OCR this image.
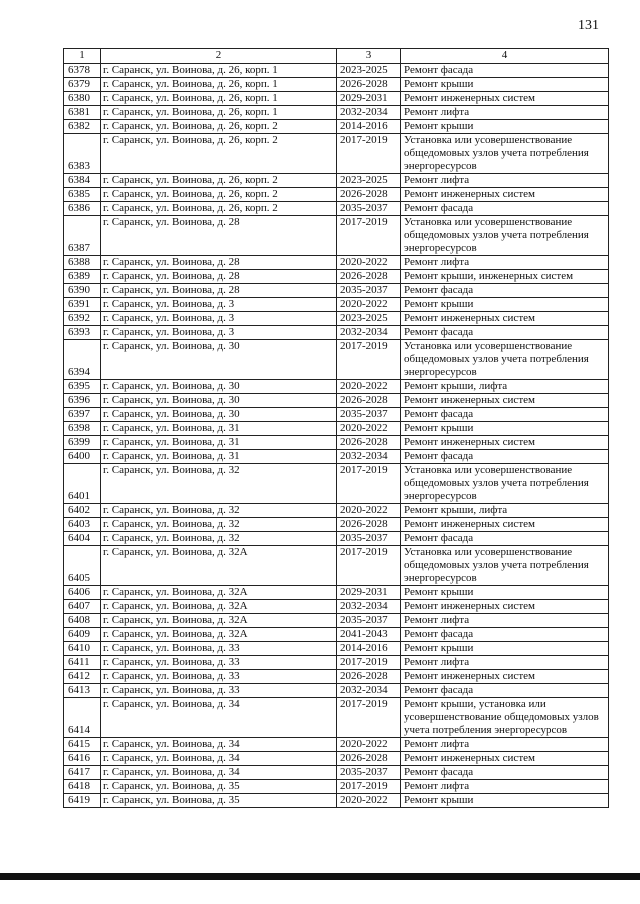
131
1	2	3	4
6378	г. Саранск, ул. Воинова, д. 26, корп. 1	2023-2025	Ремонт фасада
6379	г. Саранск, ул. Воинова, д. 26, корп. 1	2026-2028	Ремонт крыши
6380	г. Саранск, ул. Воинова, д. 26, корп. 1	2029-2031	Ремонт инженерных систем
6381	г. Саранск, ул. Воинова, д. 26, корп. 1	2032-2034	Ремонт лифта
6382	г. Саранск, ул. Воинова, д. 26, корп. 2	2014-2016	Ремонт крыши
6383	г. Саранск, ул. Воинова, д. 26, корп. 2	2017-2019	Установка или усовершенствование общедомовых узлов учета потребления энергоресурсов
6384	г. Саранск, ул. Воинова, д. 26, корп. 2	2023-2025	Ремонт лифта
6385	г. Саранск, ул. Воинова, д. 26, корп. 2	2026-2028	Ремонт инженерных систем
6386	г. Саранск, ул. Воинова, д. 26, корп. 2	2035-2037	Ремонт фасада
6387	г. Саранск, ул. Воинова, д. 28	2017-2019	Установка или усовершенствование общедомовых узлов учета потребления энергоресурсов
6388	г. Саранск, ул. Воинова, д. 28	2020-2022	Ремонт лифта
6389	г. Саранск, ул. Воинова, д. 28	2026-2028	Ремонт крыши, инженерных систем
6390	г. Саранск, ул. Воинова, д. 28	2035-2037	Ремонт фасада
6391	г. Саранск, ул. Воинова, д. 3	2020-2022	Ремонт крыши
6392	г. Саранск, ул. Воинова, д. 3	2023-2025	Ремонт инженерных систем
6393	г. Саранск, ул. Воинова, д. 3	2032-2034	Ремонт фасада
6394	г. Саранск, ул. Воинова, д. 30	2017-2019	Установка или усовершенствование общедомовых узлов учета потребления энергоресурсов
6395	г. Саранск, ул. Воинова, д. 30	2020-2022	Ремонт крыши, лифта
6396	г. Саранск, ул. Воинова, д. 30	2026-2028	Ремонт инженерных систем
6397	г. Саранск, ул. Воинова, д. 30	2035-2037	Ремонт фасада
6398	г. Саранск, ул. Воинова, д. 31	2020-2022	Ремонт крыши
6399	г. Саранск, ул. Воинова, д. 31	2026-2028	Ремонт инженерных систем
6400	г. Саранск, ул. Воинова, д. 31	2032-2034	Ремонт фасада
6401	г. Саранск, ул. Воинова, д. 32	2017-2019	Установка или усовершенствование общедомовых узлов учета потребления энергоресурсов
6402	г. Саранск, ул. Воинова, д. 32	2020-2022	Ремонт крыши, лифта
6403	г. Саранск, ул. Воинова, д. 32	2026-2028	Ремонт инженерных систем
6404	г. Саранск, ул. Воинова, д. 32	2035-2037	Ремонт фасада
6405	г. Саранск, ул. Воинова, д. 32А	2017-2019	Установка или усовершенствование общедомовых узлов учета потребления энергоресурсов
6406	г. Саранск, ул. Воинова, д. 32А	2029-2031	Ремонт крыши
6407	г. Саранск, ул. Воинова, д. 32А	2032-2034	Ремонт инженерных систем
6408	г. Саранск, ул. Воинова, д. 32А	2035-2037	Ремонт лифта
6409	г. Саранск, ул. Воинова, д. 32А	2041-2043	Ремонт фасада
6410	г. Саранск, ул. Воинова, д. 33	2014-2016	Ремонт крыши
6411	г. Саранск, ул. Воинова, д. 33	2017-2019	Ремонт лифта
6412	г. Саранск, ул. Воинова, д. 33	2026-2028	Ремонт инженерных систем
6413	г. Саранск, ул. Воинова, д. 33	2032-2034	Ремонт фасада
6414	г. Саранск, ул. Воинова, д. 34	2017-2019	Ремонт крыши, установка или усовершенствование общедомовых узлов учета потребления энергоресурсов
6415	г. Саранск, ул. Воинова, д. 34	2020-2022	Ремонт лифта
6416	г. Саранск, ул. Воинова, д. 34	2026-2028	Ремонт инженерных систем
6417	г. Саранск, ул. Воинова, д. 34	2035-2037	Ремонт фасада
6418	г. Саранск, ул. Воинова, д. 35	2017-2019	Ремонт лифта
6419	г. Саранск, ул. Воинова, д. 35	2020-2022	Ремонт крыши
